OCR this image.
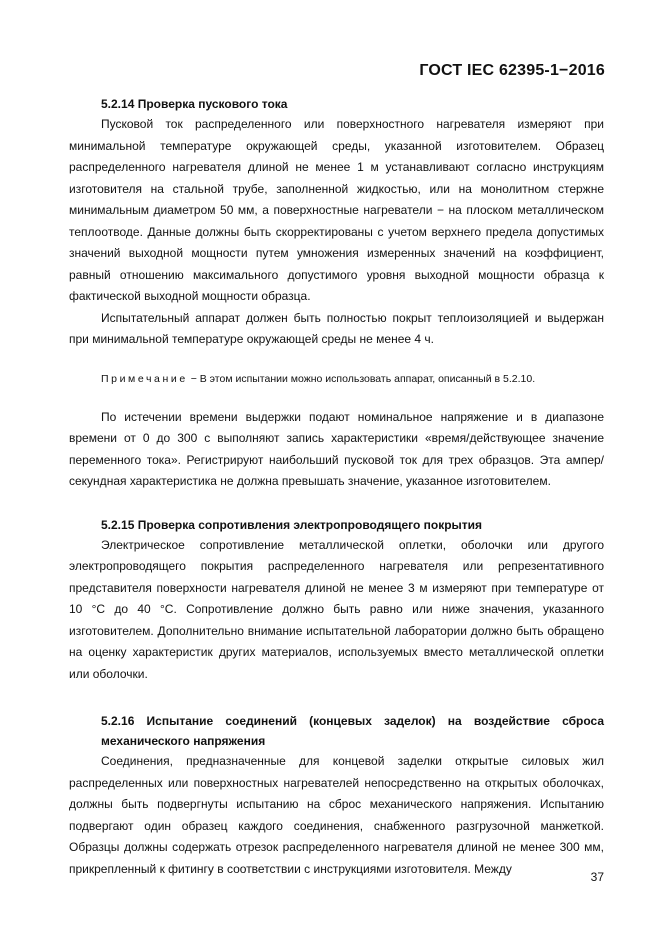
ГОСТ IEC 62395-1−2016
5.2.14 Проверка пускового тока

Пусковой ток распределенного или поверхностного нагревателя измеряют при минимальной температуре окружающей среды, указанной изготовителем. Образец распределенного нагревателя длиной не менее 1 м устанавливают согласно инструкциям изготовителя на стальной трубе, заполненной жидкостью, или на монолитном стержне минимальным диаметром 50 мм, а поверхностные нагреватели − на плоском металлическом теплоотводе. Данные должны быть скорректированы с учетом верхнего предела допустимых значений выходной мощности путем умножения измеренных значений на коэффициент, равный отношению максимального допустимого уровня выходной мощности образца к фактической выходной мощности образца.

Испытательный аппарат должен быть полностью покрыт теплоизоляцией и выдержан при минимальной температуре окружающей среды не менее 4 ч.

Примечание − В этом испытании можно использовать аппарат, описанный в 5.2.10.

По истечении времени выдержки подают номинальное напряжение и в диапазоне времени от 0 до 300 с выполняют запись характеристики «время/действующее значение переменного тока». Регистрируют наибольший пусковой ток для трех образцов. Эта ампер/секундная характеристика не должна превышать значение, указанное изготовителем.

5.2.15 Проверка сопротивления электропроводящего покрытия

Электрическое сопротивление металлической оплетки, оболочки или другого электропроводящего покрытия распределенного нагревателя или репрезентативного представителя поверхности нагревателя длиной не менее 3 м измеряют при температуре от 10 °C до 40 °C. Сопротивление должно быть равно или ниже значения, указанного изготовителем. Дополнительно внимание испытательной лаборатории должно быть обращено на оценку характеристик других материалов, используемых вместо металлической оплетки или оболочки.

5.2.16 Испытание соединений (концевых заделок) на воздействие сброса механического напряжения

Соединения, предназначенные для концевой заделки открытые силовых жил распределенных или поверхностных нагревателей непосредственно на открытых оболочках, должны быть подвергнуты испытанию на сброс механического напряжения. Испытанию подвергают один образец каждого соединения, снабженного разгрузочной манжеткой. Образцы должны содержать отрезок распределенного нагревателя длиной не менее 300 мм, прикрепленный к фитингу в соответствии с инструкциями изготовителя. Между

37
